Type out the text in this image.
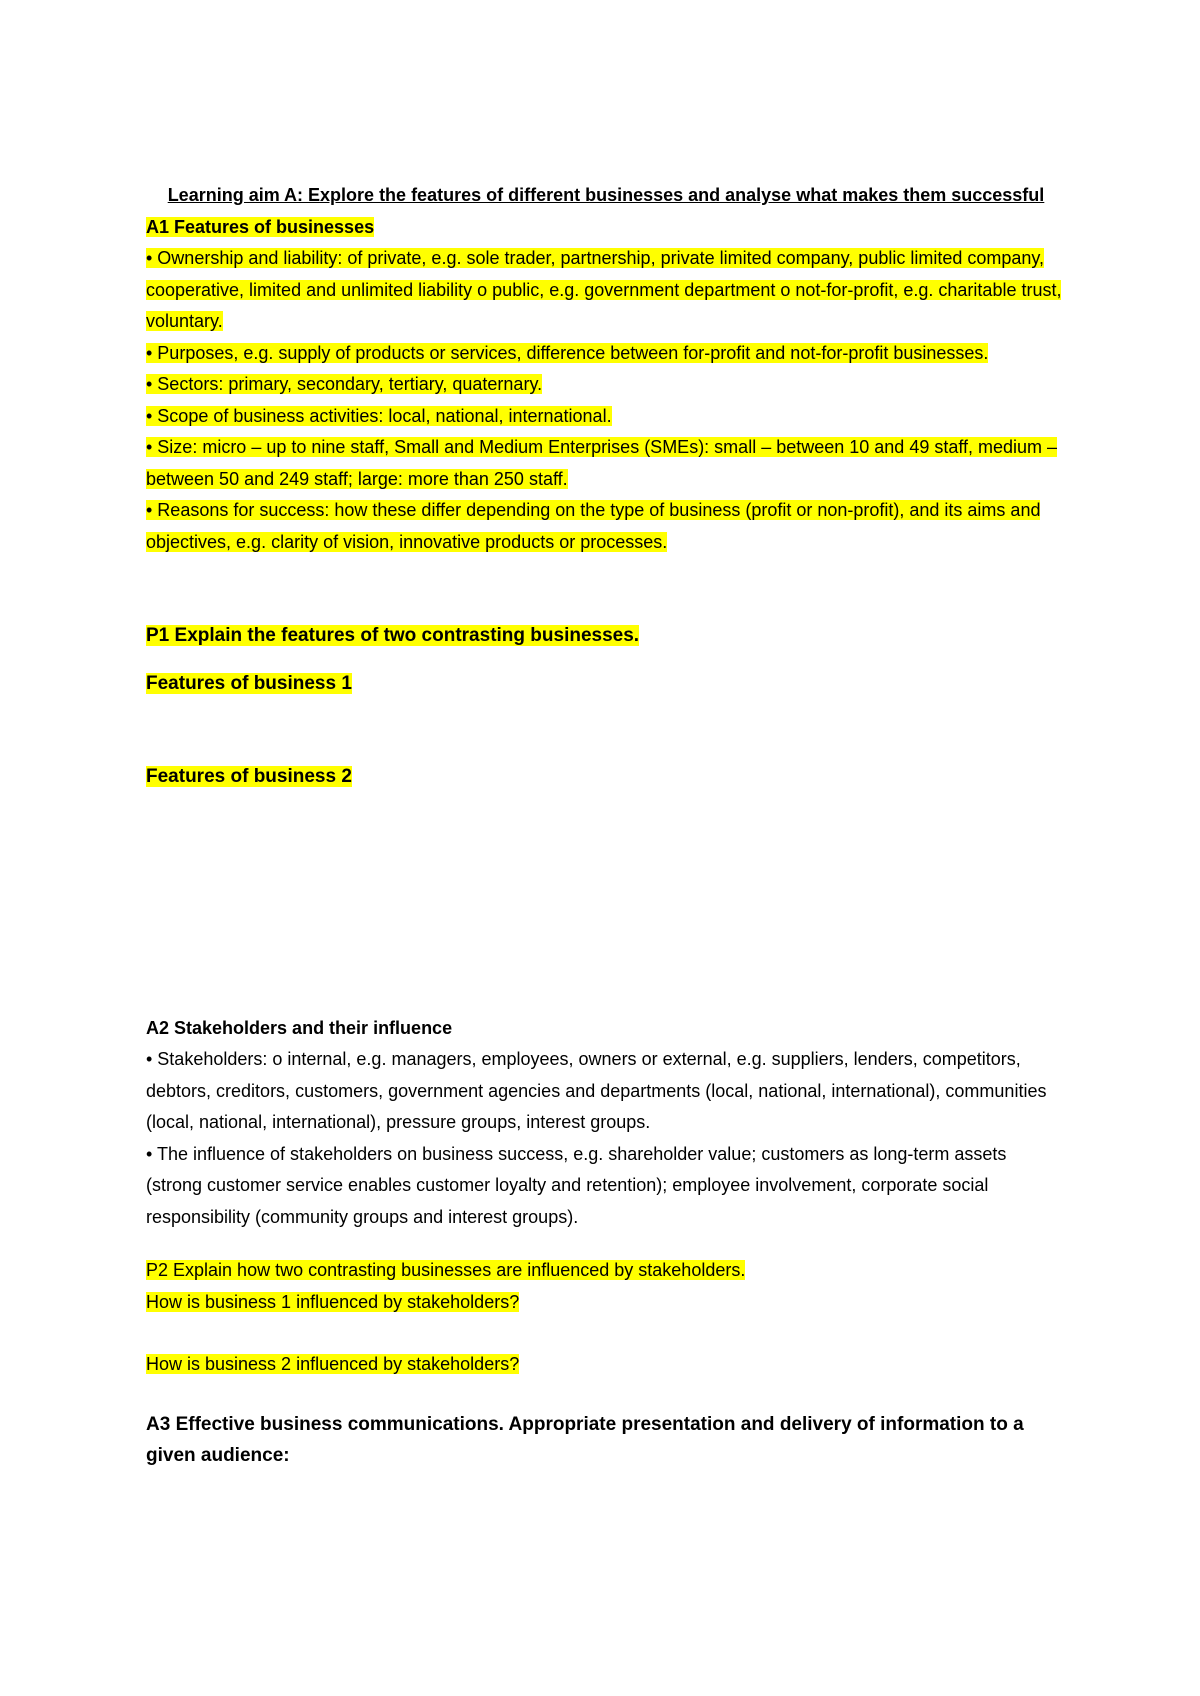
Learning aim A: Explore the features of different businesses and analyse what makes them successful

A1 Features of businesses

• Ownership and liability: of private, e.g. sole trader, partnership, private limited company, public limited company, cooperative, limited and unlimited liability o public, e.g. government department o not-for-profit, e.g. charitable trust, voluntary.

• Purposes, e.g. supply of products or services, difference between for-profit and not-for-profit businesses.

• Sectors: primary, secondary, tertiary, quaternary.

• Scope of business activities: local, national, international.

• Size: micro – up to nine staff, Small and Medium Enterprises (SMEs): small – between 10 and 49 staff, medium – between 50 and 249 staff; large: more than 250 staff.

• Reasons for success: how these differ depending on the type of business (profit or non-profit), and its aims and objectives, e.g. clarity of vision, innovative products or processes.

P1 Explain the features of two contrasting businesses.

Features of business 1

Features of business 2

A2 Stakeholders and their influence

• Stakeholders: o internal, e.g. managers, employees, owners or external, e.g. suppliers, lenders, competitors, debtors, creditors, customers, government agencies and departments (local, national, international), communities (local, national, international), pressure groups, interest groups.

• The influence of stakeholders on business success, e.g. shareholder value; customers as long-term assets (strong customer service enables customer loyalty and retention); employee involvement, corporate social responsibility (community groups and interest groups).

P2 Explain how two contrasting businesses are influenced by stakeholders.

How is business 1 influenced by stakeholders?

How is business 2 influenced by stakeholders?

A3 Effective business communications. Appropriate presentation and delivery of information to a given audience:
